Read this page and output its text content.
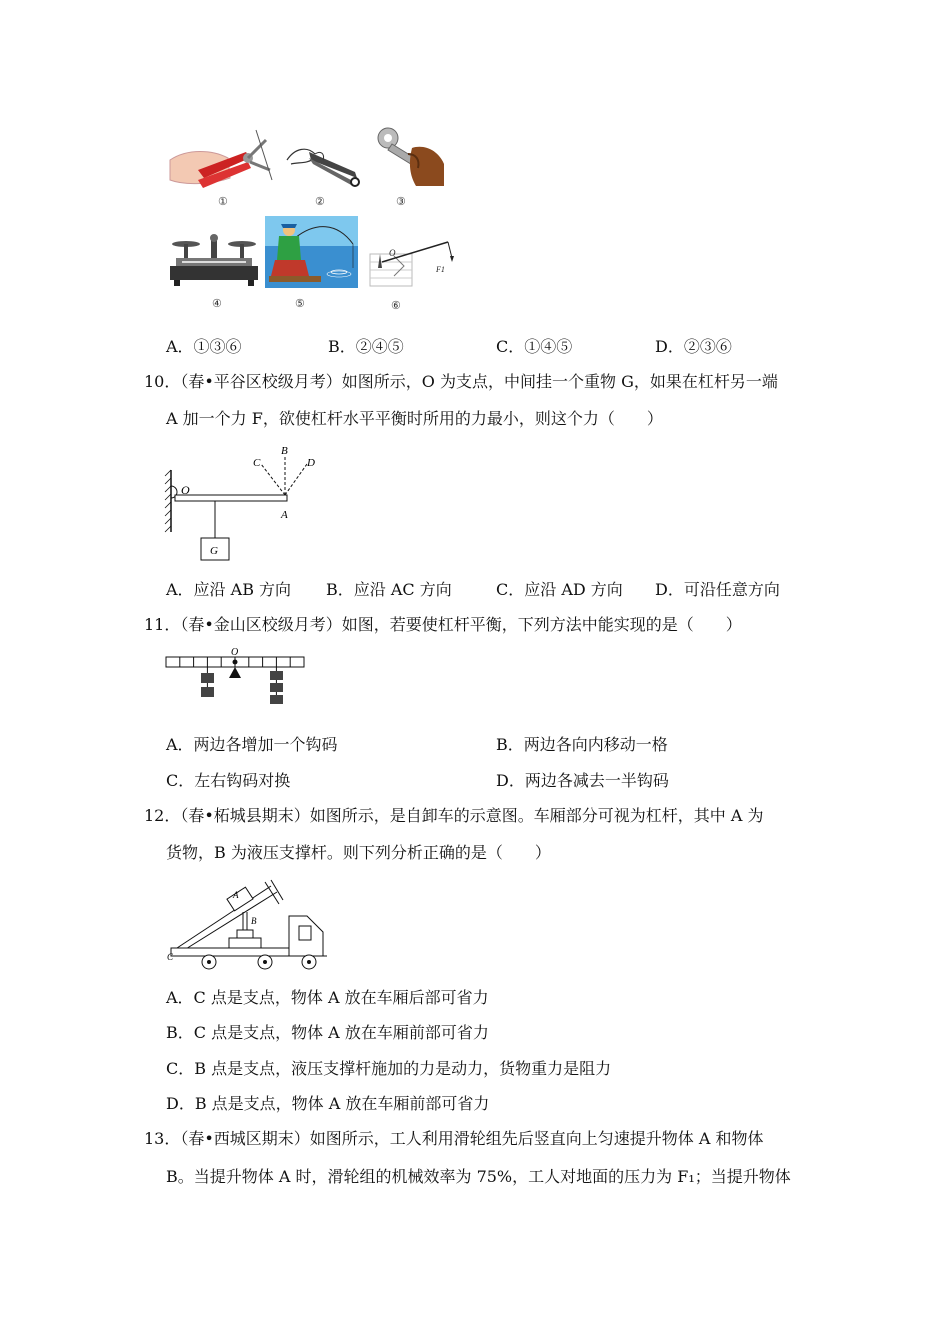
O
F1
①	②	③
④	⑤	⑥
A．①③⑥	B．②④⑤	C．①④⑤	D．②③⑥
10．（春•平谷区校级月考）如图所示，O 为支点，中间挂一个重物 G，如果在杠杆另一端
A 加一个力 F，欲使杠杆水平平衡时所用的力最小，则这个力（　　）
O
A
B
C	D
G
A．应沿 AB 方向 B．应沿 AC 方向	C．应沿 AD 方向 D．可沿任意方向
11．（春•金山区校级月考）如图，若要使杠杆平衡，下列方法中能实现的是（　　）
O
A．两边各增加一个钩码	B．两边各向内移动一格
C．左右钩码对换	D．两边各减去一半钩码
12．（春•柘城县期末）如图所示，是自卸车的示意图。车厢部分可视为杠杆，其中 A 为
货物，B 为液压支撑杆。则下列分析正确的是（　　）
A
B
C
A．C 点是支点，物体 A 放在车厢后部可省力
B．C 点是支点，物体 A 放在车厢前部可省力
C．B 点是支点，液压支撑杆施加的力是动力，货物重力是阻力
D．B 点是支点，物体 A 放在车厢前部可省力
13．（春•西城区期末）如图所示，工人利用滑轮组先后竖直向上匀速提升物体 A 和物体
B。当提升物体 A 时，滑轮组的机械效率为 75%，工人对地面的压力为 F₁；当提升物体
